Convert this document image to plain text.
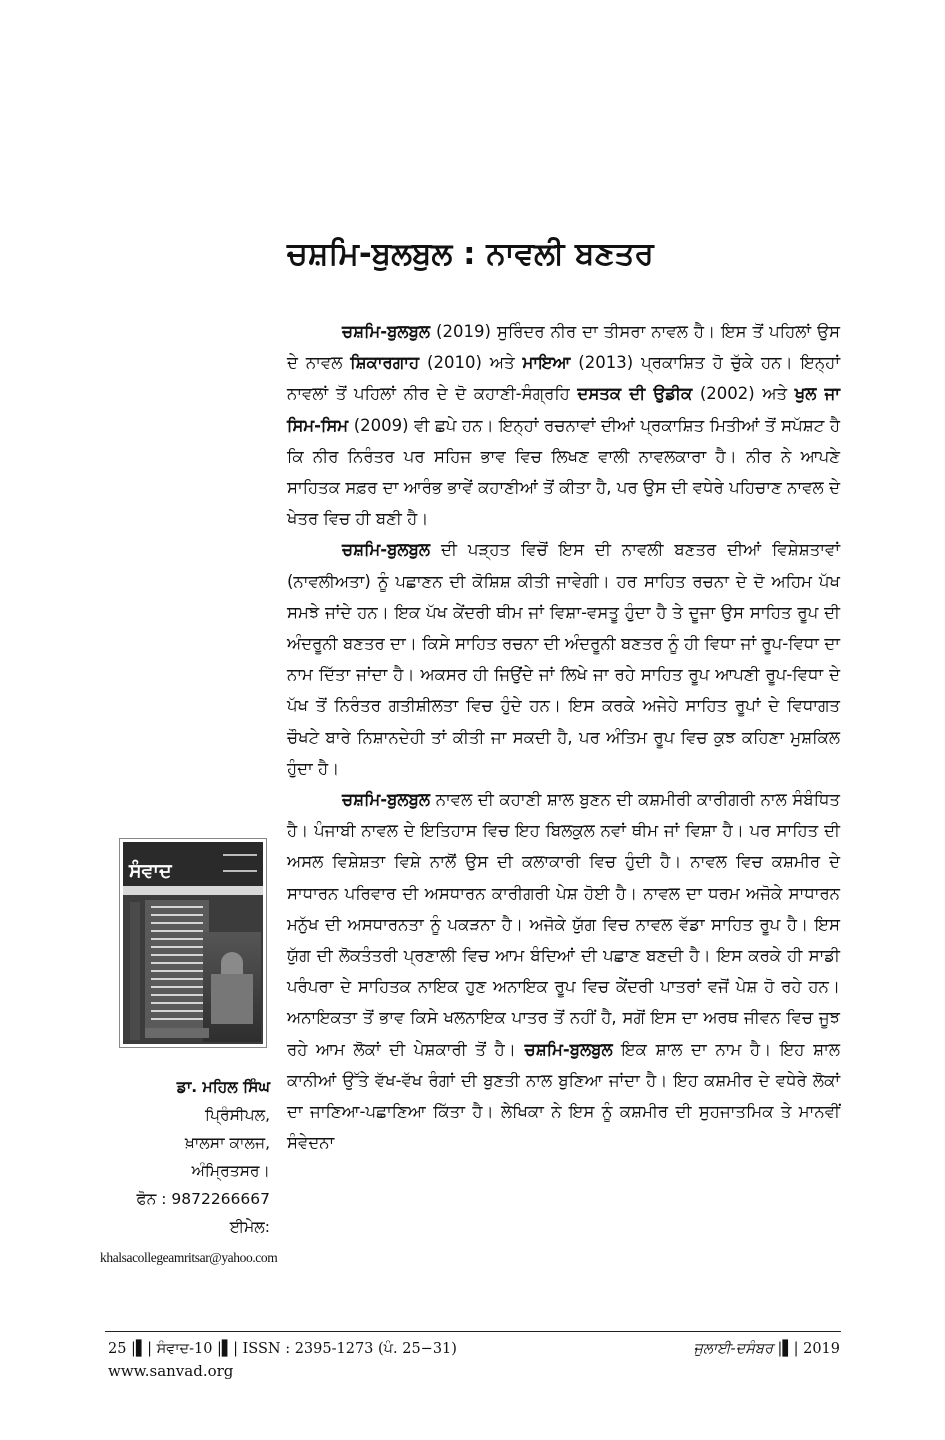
ਚਸ਼ਮਿ-ਬੁਲਬੁਲ : ਨਾਵਲੀ ਬਣਤਰ

ਚਸ਼ਮਿ-ਬੁਲਬੁਲ (2019) ਸੁਰਿੰਦਰ ਨੀਰ ਦਾ ਤੀਸਰਾ ਨਾਵਲ ਹੈ। ਇਸ ਤੋਂ ਪਹਿਲਾਂ ਉਸ ਦੇ ਨਾਵਲ ਸ਼ਿਕਾਰਗਾਹ (2010) ਅਤੇ ਮਾਇਆ (2013) ਪ੍ਰਕਾਸ਼ਿਤ ਹੋ ਚੁੱਕੇ ਹਨ। ਇਨ੍ਹਾਂ ਨਾਵਲਾਂ ਤੋਂ ਪਹਿਲਾਂ ਨੀਰ ਦੇ ਦੋ ਕਹਾਣੀ-ਸੰਗ੍ਰਹਿ ਦਸਤਕ ਦੀ ਉਡੀਕ (2002) ਅਤੇ ਖੁਲ ਜਾ ਸਿਮ-ਸਿਮ (2009) ਵੀ ਛਪੇ ਹਨ। ਇਨ੍ਹਾਂ ਰਚਨਾਵਾਂ ਦੀਆਂ ਪ੍ਰਕਾਸ਼ਿਤ ਮਿਤੀਆਂ ਤੋਂ ਸਪੱਸ਼ਟ ਹੈ ਕਿ ਨੀਰ ਨਿਰੰਤਰ ਪਰ ਸਹਿਜ ਭਾਵ ਵਿਚ ਲਿਖਣ ਵਾਲੀ ਨਾਵਲਕਾਰਾ ਹੈ। ਨੀਰ ਨੇ ਆਪਣੇ ਸਾਹਿਤਕ ਸਫ਼ਰ ਦਾ ਆਰੰਭ ਭਾਵੇਂ ਕਹਾਣੀਆਂ ਤੋਂ ਕੀਤਾ ਹੈ, ਪਰ ਉਸ ਦੀ ਵਧੇਰੇ ਪਹਿਚਾਣ ਨਾਵਲ ਦੇ ਖੇਤਰ ਵਿਚ ਹੀ ਬਣੀ ਹੈ।

ਚਸ਼ਮਿ-ਬੁਲਬੁਲ ਦੀ ਪੜ੍ਹਤ ਵਿਚੋਂ ਇਸ ਦੀ ਨਾਵਲੀ ਬਣਤਰ ਦੀਆਂ ਵਿਸ਼ੇਸ਼ਤਾਵਾਂ (ਨਾਵਲੀਅਤਾ) ਨੂੰ ਪਛਾਣਨ ਦੀ ਕੋਸ਼ਿਸ਼ ਕੀਤੀ ਜਾਵੇਗੀ। ਹਰ ਸਾਹਿਤ ਰਚਨਾ ਦੇ ਦੋ ਅਹਿਮ ਪੱਖ ਸਮਝੇ ਜਾਂਦੇ ਹਨ। ਇਕ ਪੱਖ ਕੇਂਦਰੀ ਥੀਮ ਜਾਂ ਵਿਸ਼ਾ-ਵਸਤੂ ਹੁੰਦਾ ਹੈ ਤੇ ਦੂਜਾ ਉਸ ਸਾਹਿਤ ਰੂਪ ਦੀ ਅੰਦਰੂਨੀ ਬਣਤਰ ਦਾ। ਕਿਸੇ ਸਾਹਿਤ ਰਚਨਾ ਦੀ ਅੰਦਰੂਨੀ ਬਣਤਰ ਨੂੰ ਹੀ ਵਿਧਾ ਜਾਂ ਰੂਪ-ਵਿਧਾ ਦਾ ਨਾਮ ਦਿੱਤਾ ਜਾਂਦਾ ਹੈ। ਅਕਸਰ ਹੀ ਜਿਉਂਦੇ ਜਾਂ ਲਿਖੇ ਜਾ ਰਹੇ ਸਾਹਿਤ ਰੂਪ ਆਪਣੀ ਰੂਪ-ਵਿਧਾ ਦੇ ਪੱਖ ਤੋਂ ਨਿਰੰਤਰ ਗਤੀਸ਼ੀਲਤਾ ਵਿਚ ਹੁੰਦੇ ਹਨ। ਇਸ ਕਰਕੇ ਅਜੇਹੇ ਸਾਹਿਤ ਰੂਪਾਂ ਦੇ ਵਿਧਾਗਤ ਚੌਖਟੇ ਬਾਰੇ ਨਿਸ਼ਾਨਦੇਹੀ ਤਾਂ ਕੀਤੀ ਜਾ ਸਕਦੀ ਹੈ, ਪਰ ਅੰਤਿਮ ਰੂਪ ਵਿਚ ਕੁਝ ਕਹਿਣਾ ਮੁਸ਼ਕਿਲ ਹੁੰਦਾ ਹੈ।

ਚਸ਼ਮਿ-ਬੁਲਬੁਲ ਨਾਵਲ ਦੀ ਕਹਾਣੀ ਸ਼ਾਲ ਬੁਣਨ ਦੀ ਕਸ਼ਮੀਰੀ ਕਾਰੀਗਰੀ ਨਾਲ ਸੰਬੰਧਿਤ ਹੈ। ਪੰਜਾਬੀ ਨਾਵਲ ਦੇ ਇਤਿਹਾਸ ਵਿਚ ਇਹ ਬਿਲਕੁਲ ਨਵਾਂ ਥੀਮ ਜਾਂ ਵਿਸ਼ਾ ਹੈ। ਪਰ ਸਾਹਿਤ ਦੀ ਅਸਲ ਵਿਸ਼ੇਸ਼ਤਾ ਵਿਸ਼ੇ ਨਾਲੋਂ ਉਸ ਦੀ ਕਲਾਕਾਰੀ ਵਿਚ ਹੁੰਦੀ ਹੈ। ਨਾਵਲ ਵਿਚ ਕਸ਼ਮੀਰ ਦੇ ਸਾਧਾਰਨ ਪਰਿਵਾਰ ਦੀ ਅਸਧਾਰਨ ਕਾਰੀਗਰੀ ਪੇਸ਼ ਹੋਈ ਹੈ। ਨਾਵਲ ਦਾ ਧਰਮ ਅਜੋਕੇ ਸਾਧਾਰਨ ਮਨੁੱਖ ਦੀ ਅਸਧਾਰਨਤਾ ਨੂੰ ਪਕੜਨਾ ਹੈ। ਅਜੋਕੇ ਯੁੱਗ ਵਿਚ ਨਾਵਲ ਵੱਡਾ ਸਾਹਿਤ ਰੂਪ ਹੈ। ਇਸ ਯੁੱਗ ਦੀ ਲੋਕਤੰਤਰੀ ਪ੍ਰਣਾਲੀ ਵਿਚ ਆਮ ਬੰਦਿਆਂ ਦੀ ਪਛਾਣ ਬਣਦੀ ਹੈ। ਇਸ ਕਰਕੇ ਹੀ ਸਾਡੀ ਪਰੰਪਰਾ ਦੇ ਸਾਹਿਤਕ ਨਾਇਕ ਹੁਣ ਅਨਾਇਕ ਰੂਪ ਵਿਚ ਕੇਂਦਰੀ ਪਾਤਰਾਂ ਵਜੋਂ ਪੇਸ਼ ਹੋ ਰਹੇ ਹਨ। ਅਨਾਇਕਤਾ ਤੋਂ ਭਾਵ ਕਿਸੇ ਖਲਨਾਇਕ ਪਾਤਰ ਤੋਂ ਨਹੀਂ ਹੈ, ਸਗੋਂ ਇਸ ਦਾ ਅਰਥ ਜੀਵਨ ਵਿਚ ਜੂਝ ਰਹੇ ਆਮ ਲੋਕਾਂ ਦੀ ਪੇਸ਼ਕਾਰੀ ਤੋਂ ਹੈ। ਚਸ਼ਮਿ-ਬੁਲਬੁਲ ਇਕ ਸ਼ਾਲ ਦਾ ਨਾਮ ਹੈ। ਇਹ ਸ਼ਾਲ ਕਾਨੀਆਂ ਉੱਤੇ ਵੱਖ-ਵੱਖ ਰੰਗਾਂ ਦੀ ਬੁਣਤੀ ਨਾਲ ਬੁਣਿਆ ਜਾਂਦਾ ਹੈ। ਇਹ ਕਸ਼ਮੀਰ ਦੇ ਵਧੇਰੇ ਲੋਕਾਂ ਦਾ ਜਾਣਿਆ-ਪਛਾਣਿਆ ਕਿੱਤਾ ਹੈ। ਲੇਖਿਕਾ ਨੇ ਇਸ ਨੂੰ ਕਸ਼ਮੀਰ ਦੀ ਸੁਹਜਾਤਮਿਕ ਤੇ ਮਾਨਵੀਂ ਸੰਵੇਦਨਾ

ਸੰਵਾਦ
ਡਾ. ਮਹਿਲ ਸਿੰਘ
ਪ੍ਰਿੰਸੀਪਲ,
ਖ਼ਾਲਸਾ ਕਾਲਜ,
ਅੰਮ੍ਰਿਤਸਰ।
ਫੋਨ : 9872266667
ਈਮੇਲ:
khalsacollegeamritsar@yahoo.com
25 |▌| ਸੰਵਾਦ-10 |▌| ISSN : 2395-1273 (ਪੰ. 25−31)	ਜੁਲਾਈ-ਦਸੰਬਰ |▌| 2019
www.sanvad.org
